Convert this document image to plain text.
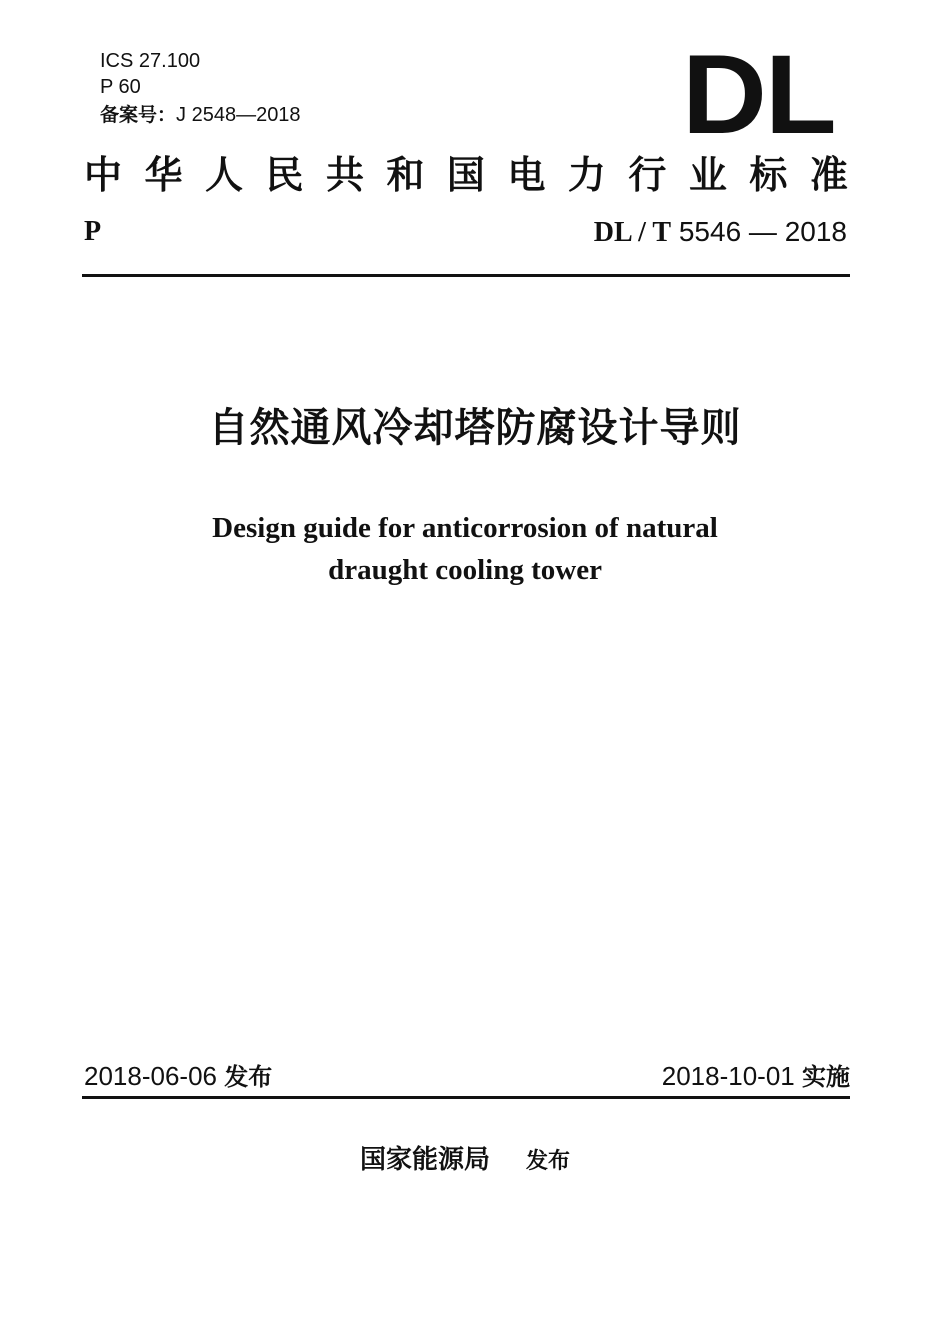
ICS 27.100
P 60
备案号：J 2548—2018	DL
中 华 人 民 共 和 国 电 力 行 业 标 准
P	DL / T 5546 — 2018
自然通风冷却塔防腐设计导则
Design guide for anticorrosion of natural
draught cooling tower
2018-06-06 发布	2018-10-01 实施
国家能源局 发布
